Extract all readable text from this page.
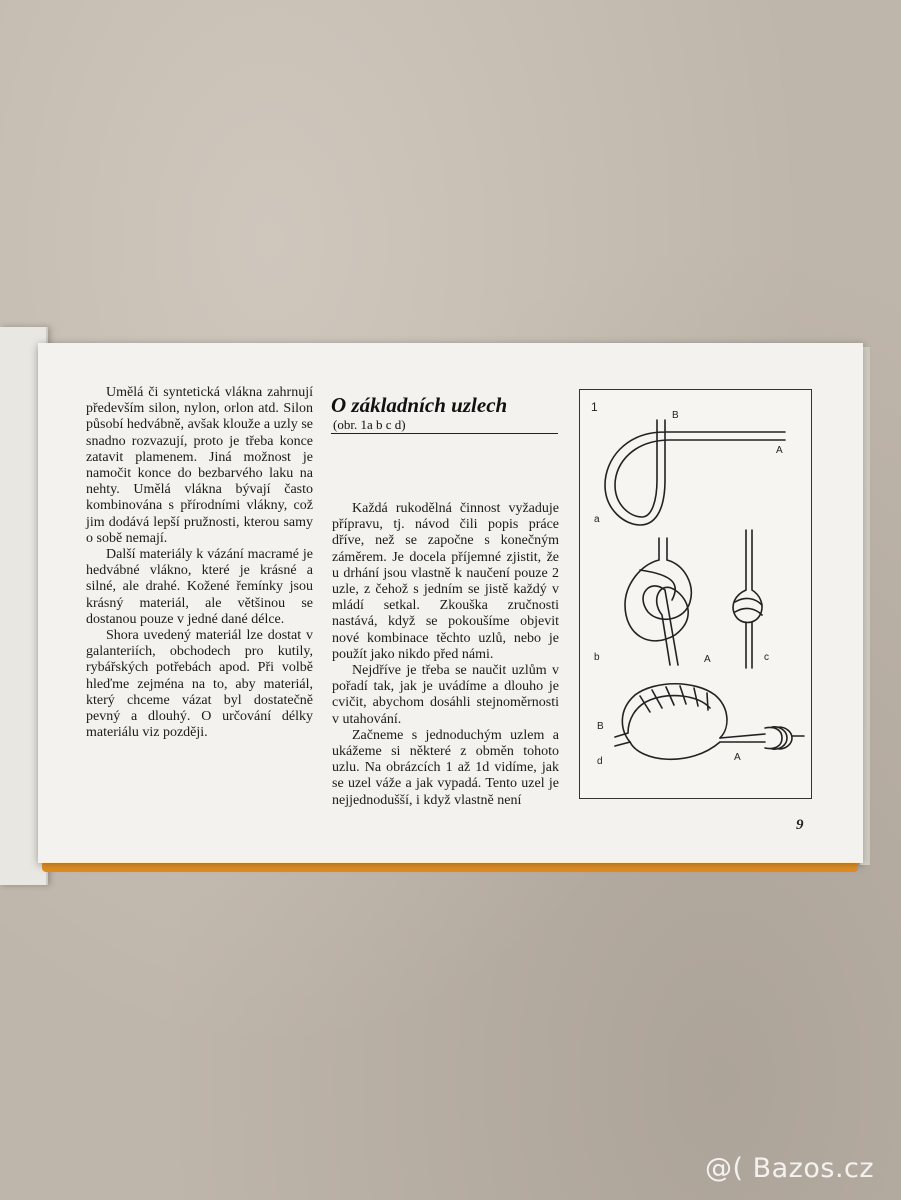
Umělá či syntetická vlákna zahrnují především silon, nylon, orlon atd. Silon působí hedvábně, avšak klouže a uzly se snadno rozvazují, proto je třeba konce zatavit plamenem. Jiná možnost je namočit konce do bezbarvého laku na nehty. Umělá vlákna bývají často kombinována s přírodními vlákny, což jim dodává lepší pružnosti, kterou samy o sobě nemají.

Další materiály k vázání macramé je hedvábné vlákno, které je krásné a silné, ale drahé. Kožené řemínky jsou krásný materiál, ale většinou se dostanou pouze v jedné dané délce.

Shora uvedený materiál lze dostat v galanteriích, obchodech pro kutily, rybářských potřebách apod. Při volbě hleďme zejména na to, aby materiál, který chceme vázat byl dostatečně pevný a dlouhý. O určování délky materiálu viz později.

O základních uzlech
(obr. 1a b c d)

Každá rukodělná činnost vyžaduje přípravu, tj. návod čili popis práce dříve, než se započne s konečným záměrem. Je docela příjemné zjistit, že u drhání jsou vlastně k naučení pouze 2 uzle, z čehož s jedním se jistě každý v mládí setkal. Zkouška zručnosti nastává, když se pokoušíme objevit nové kombinace těchto uzlů, nebo je použít jako nikdo před námi.

Nejdříve je třeba se naučit uzlům v pořadí tak, jak je uvádíme a dlouho je cvičit, abychom dosáhli stejnoměrnosti v utahování.

Začneme s jednoduchým uzlem a ukážeme si některé z obměn tohoto uzlu. Na obrázcích 1 až 1d vidíme, jak se uzel váže a jak vypadá. Tento uzel je nejjednodušší, i když vlastně není

1
B
A
a
b	A	c
B
d	A
9
@( Bazos.cz
